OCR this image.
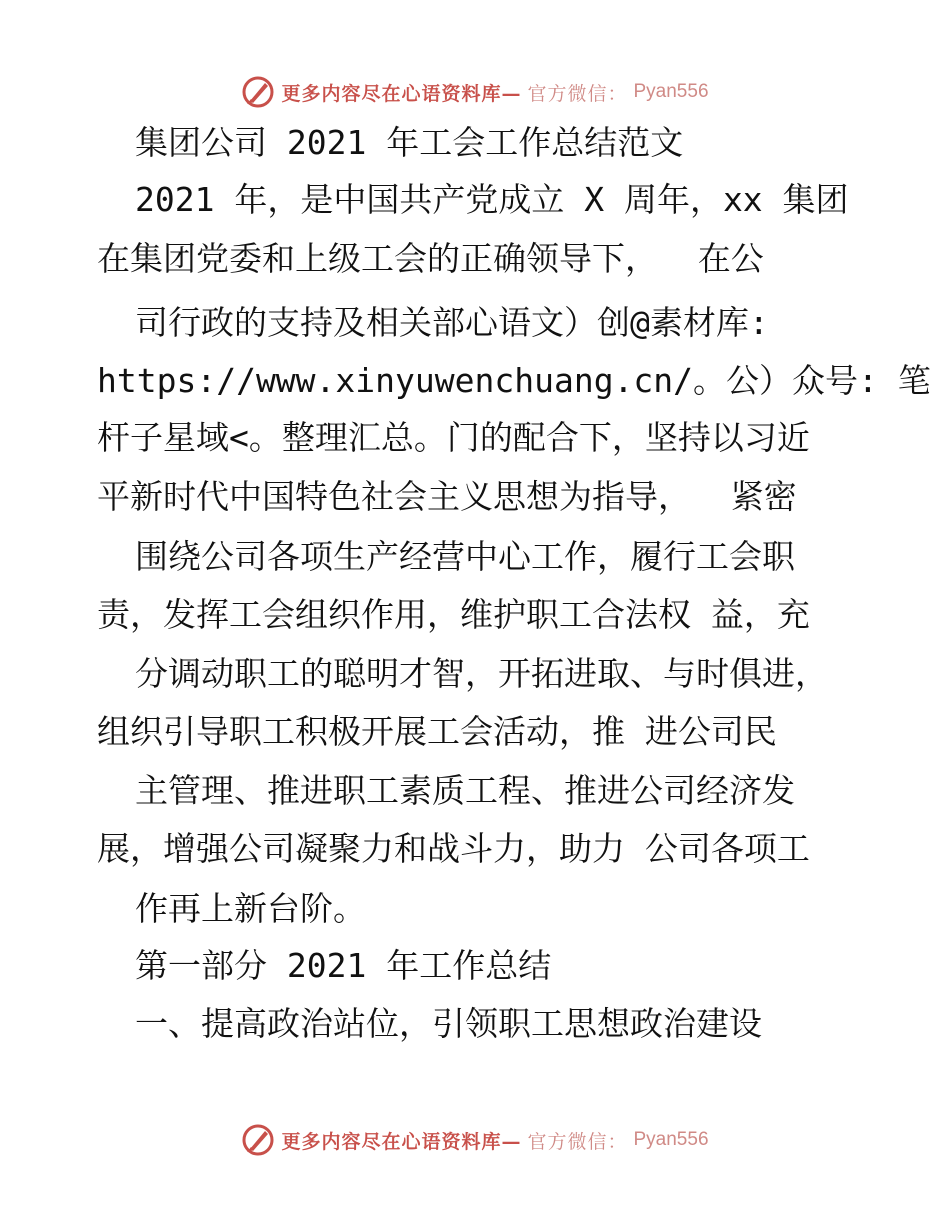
更多内容尽在心语资料库— 官方微信： Pyan556
集团公司 2021 年工会工作总结范文
2021 年，是中国共产党成立 X 周年，xx 集团
在集团党委和上级工会的正确领导下，  在公
司行政的支持及相关部心语文）创@素材库:
https://www.xinyuwenchuang.cn/。公）众号: 笔
杆子星域<。整理汇总。门的配合下，坚持以习近
平新时代中国特色社会主义思想为指导，  紧密
围绕公司各项生产经营中心工作，履行工会职
责，发挥工会组织作用，维护职工合法权 益，充
分调动职工的聪明才智，开拓进取、与时俱进，
组织引导职工积极开展工会活动，推 进公司民
主管理、推进职工素质工程、推进公司经济发
展，增强公司凝聚力和战斗力，助力 公司各项工
作再上新台阶。
第一部分 2021 年工作总结
一、提高政治站位，引领职工思想政治建设
更多内容尽在心语资料库— 官方微信： Pyan556
